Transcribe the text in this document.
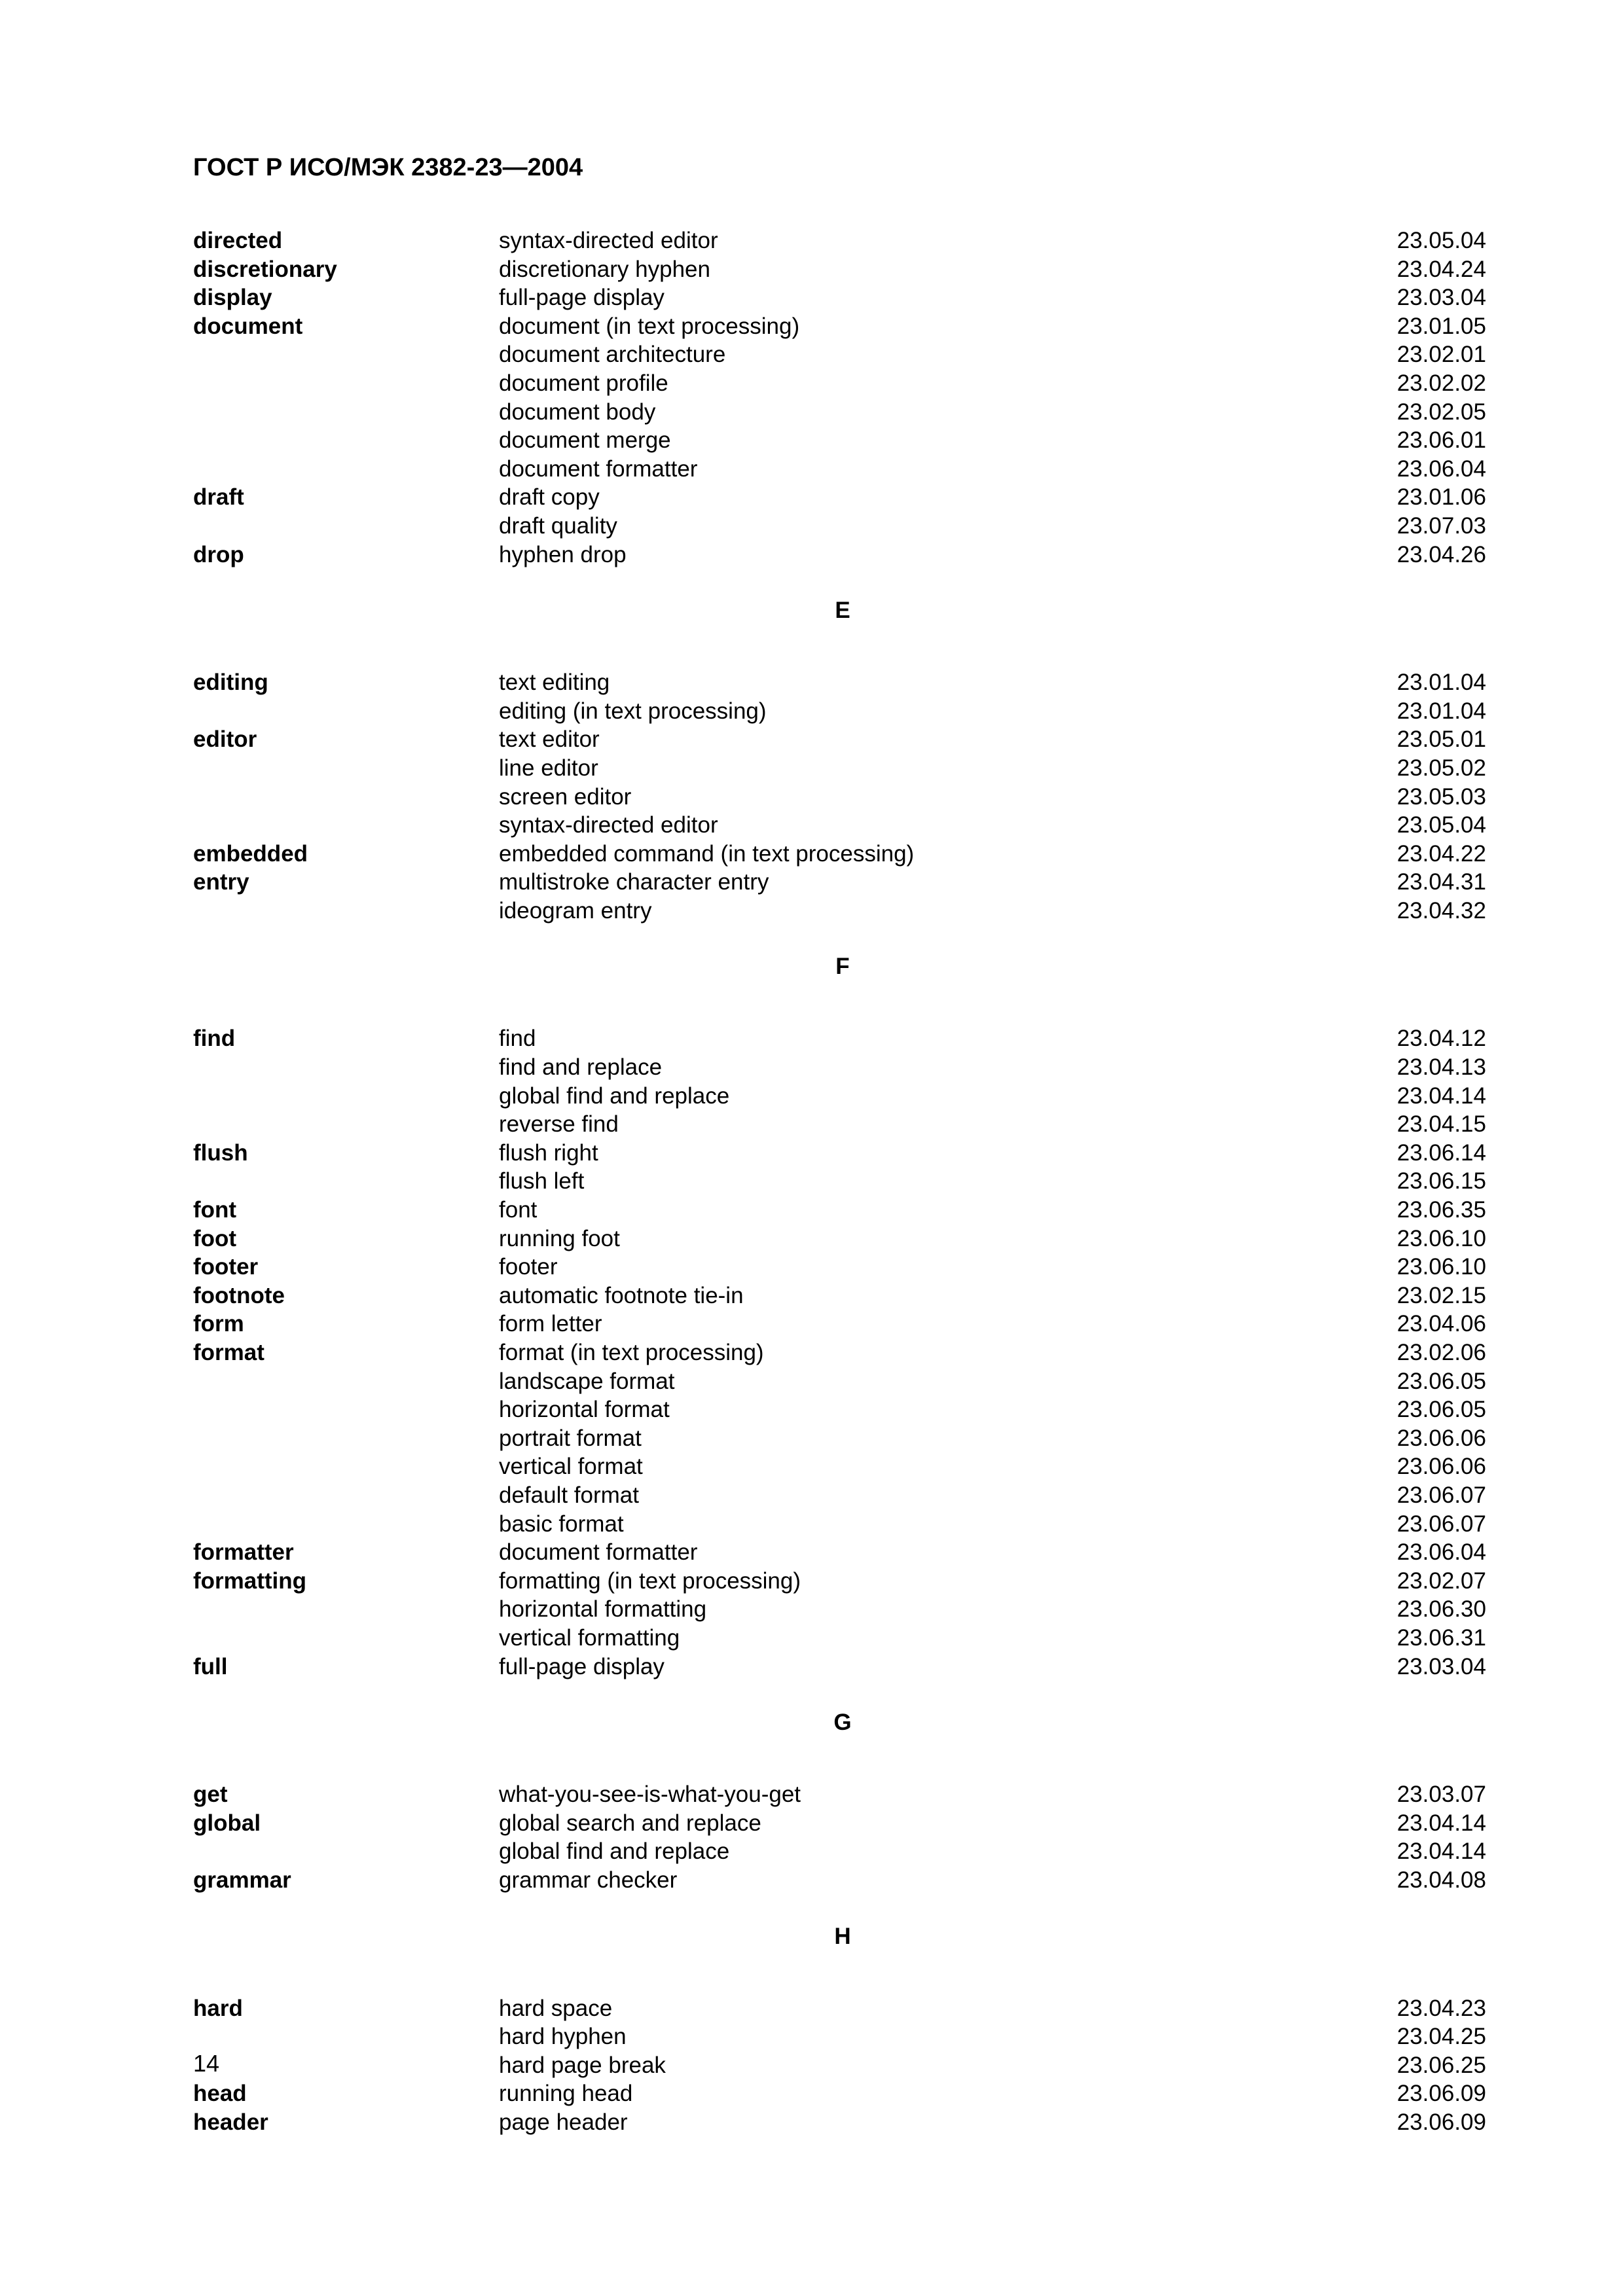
ГОСТ Р ИСО/МЭК 2382-23—2004
directed	syntax-directed editor	23.05.04
discretionary	discretionary hyphen	23.04.24
display	full-page display	23.03.04
document	document (in text processing)	23.01.05
document architecture	23.02.01
document profile	23.02.02
document body	23.02.05
document merge	23.06.01
document formatter	23.06.04
draft	draft copy	23.01.06
draft quality	23.07.03
drop	hyphen drop	23.04.26
E
editing	text editing	23.01.04
editing (in text processing)	23.01.04
editor	text editor	23.05.01
line editor	23.05.02
screen editor	23.05.03
syntax-directed editor	23.05.04
embedded	embedded command (in text processing)	23.04.22
entry	multistroke character entry	23.04.31
ideogram entry	23.04.32
F
find	find	23.04.12
find and replace	23.04.13
global find and replace	23.04.14
reverse find	23.04.15
flush	flush right	23.06.14
flush left	23.06.15
font	font	23.06.35
foot	running foot	23.06.10
footer	footer	23.06.10
footnote	automatic footnote tie-in	23.02.15
form	form letter	23.04.06
format	format (in text processing)	23.02.06
landscape format	23.06.05
horizontal format	23.06.05
portrait format	23.06.06
vertical format	23.06.06
default format	23.06.07
basic format	23.06.07
formatter	document formatter	23.06.04
formatting	formatting (in text processing)	23.02.07
horizontal formatting	23.06.30
vertical formatting	23.06.31
full	full-page display	23.03.04
G
get	what-you-see-is-what-you-get	23.03.07
global	global search and replace	23.04.14
global find and replace	23.04.14
grammar	grammar checker	23.04.08
H
hard	hard space	23.04.23
hard hyphen	23.04.25
hard page break	23.06.25
head	running head	23.06.09
header	page header	23.06.09
14
